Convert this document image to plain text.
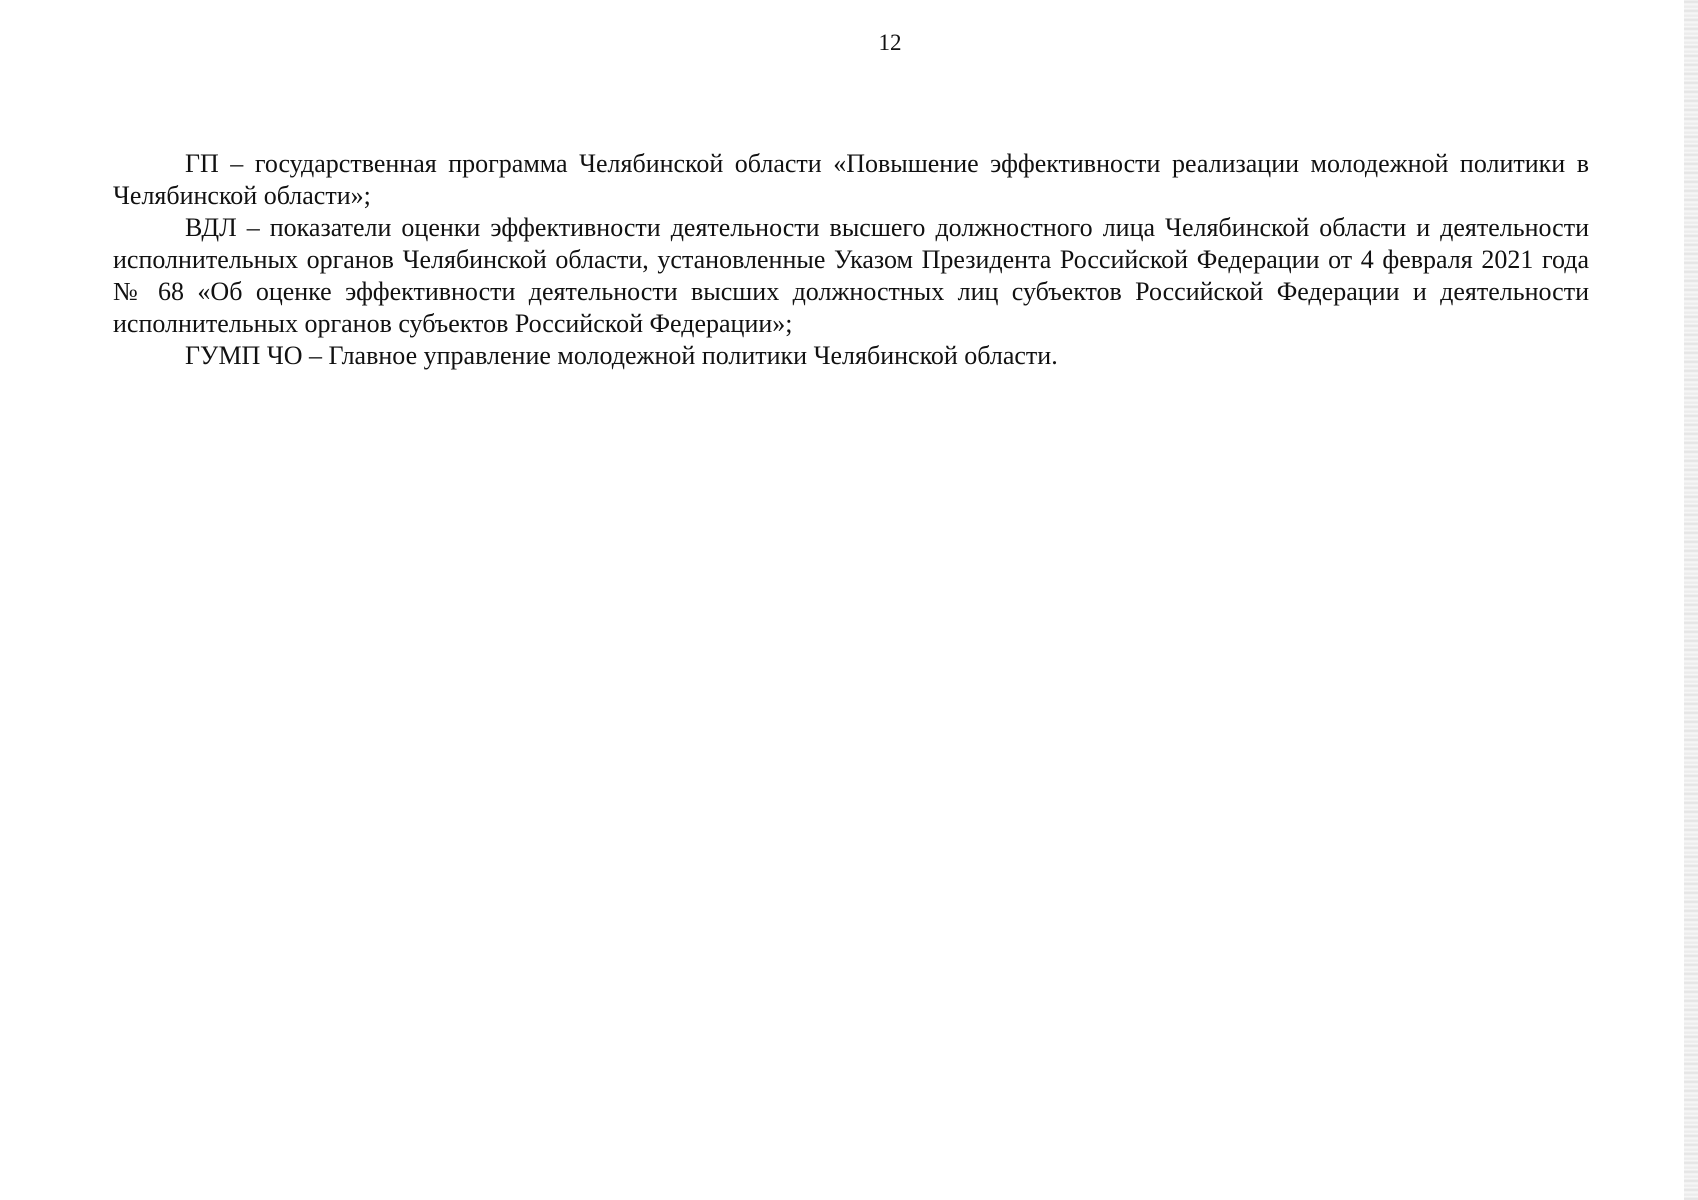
12

ГП – государственная программа Челябинской области «Повышение эффективности реализации молодежной политики в Челябинской области»;

ВДЛ – показатели оценки эффективности деятельности высшего должностного лица Челябинской области и деятельности исполнительных органов Челябинской области, установленные Указом Президента Российской Федерации от 4 февраля 2021 года № 68 «Об оценке эффективности деятельности высших должностных лиц субъектов Российской Федерации и деятельности исполнительных органов субъектов Российской Федерации»;

ГУМП ЧО – Главное управление молодежной политики Челябинской области.
